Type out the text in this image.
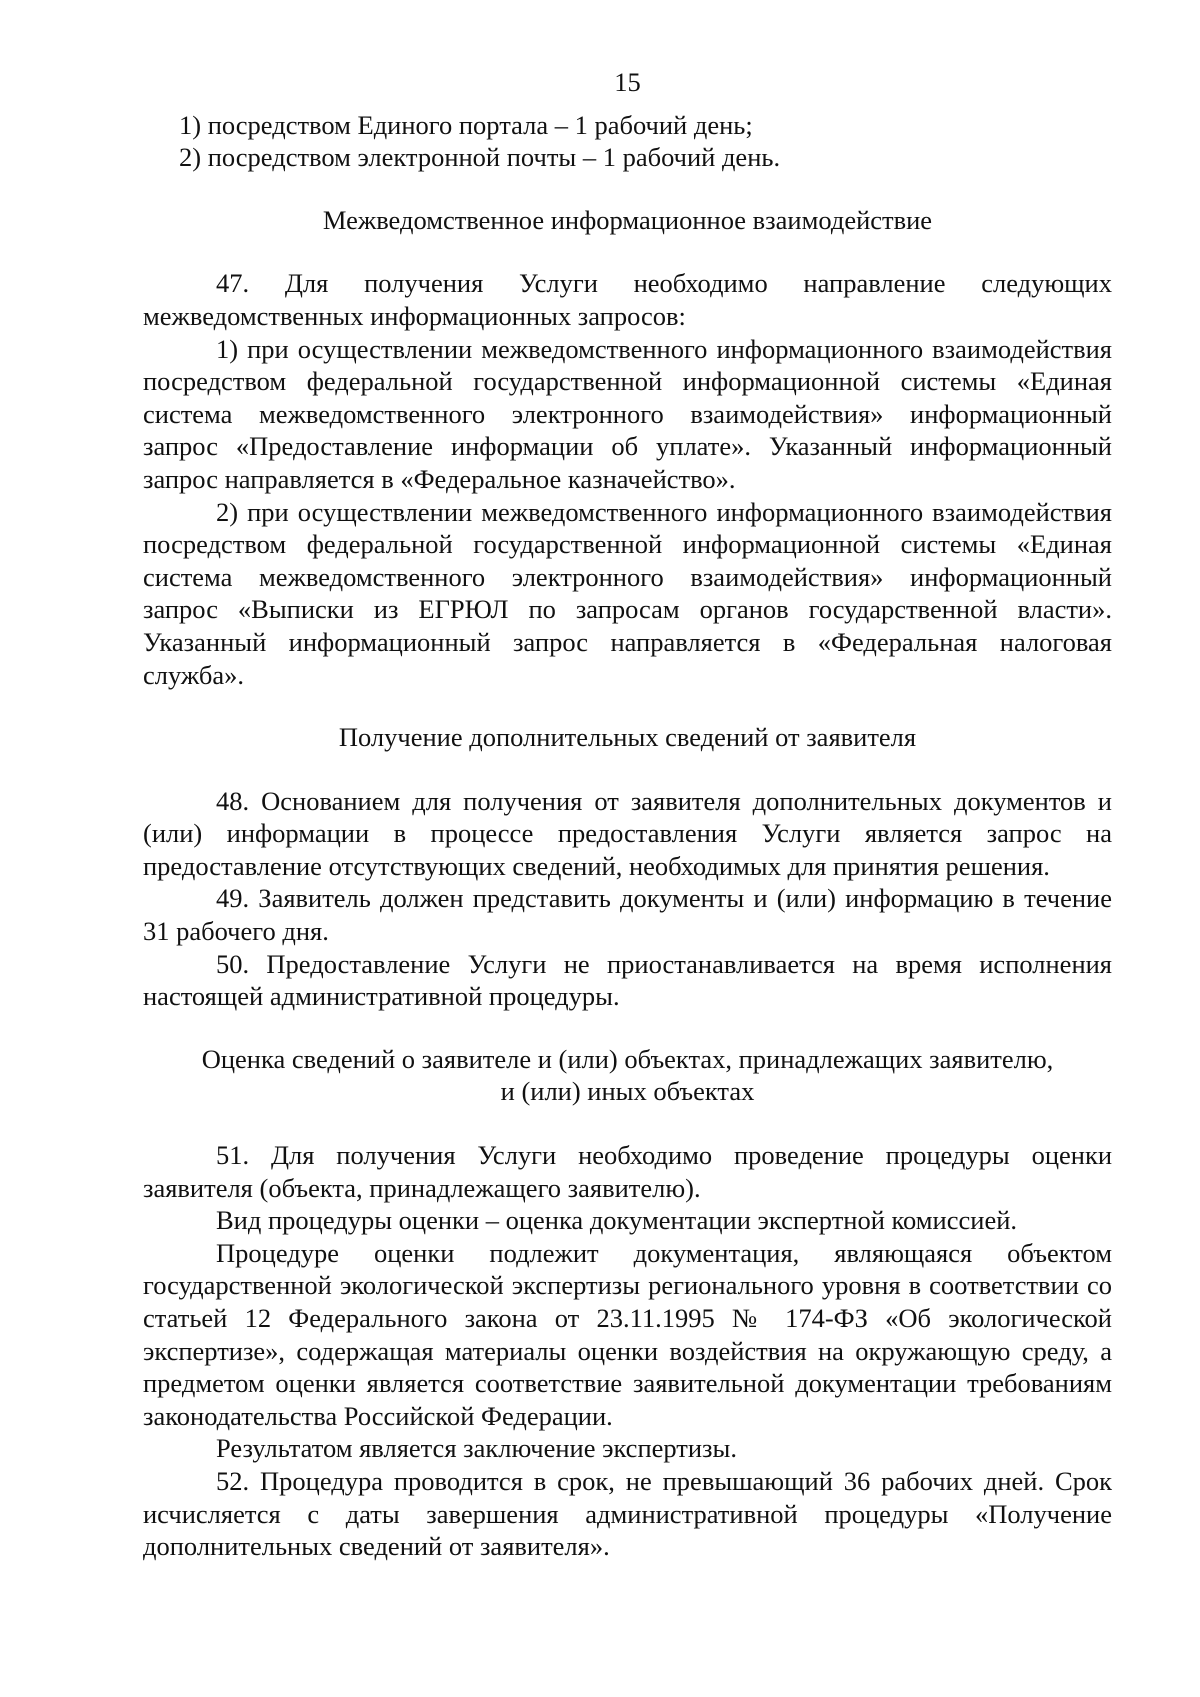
15

1) посредством Единого портала – 1 рабочий день;

2) посредством электронной почты – 1 рабочий день.

Межведомственное информационное взаимодействие

47. Для получения Услуги необходимо направление следующих межведомственных информационных запросов:

1) при осуществлении межведомственного информационного взаимодействия посредством федеральной государственной информационной системы «Единая система межведомственного электронного взаимодействия» информационный запрос «Предоставление информации об уплате». Указанный информационный запрос направляется в «Федеральное казначейство».

2) при осуществлении межведомственного информационного взаимодействия посредством федеральной государственной информационной системы «Единая система межведомственного электронного взаимодействия» информационный запрос «Выписки из ЕГРЮЛ по запросам органов государственной власти». Указанный информационный запрос направляется в «Федеральная налоговая служба».

Получение дополнительных сведений от заявителя

48. Основанием для получения от заявителя дополнительных документов и (или) информации в процессе предоставления Услуги является запрос на предоставление отсутствующих сведений, необходимых для принятия решения.

49. Заявитель должен представить документы и (или) информацию в течение 31 рабочего дня.

50. Предоставление Услуги не приостанавливается на время исполнения настоящей административной процедуры.

Оценка сведений о заявителе и (или) объектах, принадлежащих заявителю,
и (или) иных объектах

51. Для получения Услуги необходимо проведение процедуры оценки заявителя (объекта, принадлежащего заявителю).

Вид процедуры оценки – оценка документации экспертной комиссией.

Процедуре оценки подлежит документация, являющаяся объектом государственной экологической экспертизы регионального уровня в соответствии со статьей 12 Федерального закона от 23.11.1995 № 174-ФЗ «Об экологической экспертизе», содержащая материалы оценки воздействия на окружающую среду, а предметом оценки является соответствие заявительной документации требованиям законодательства Российской Федерации.

Результатом является заключение экспертизы.

52. Процедура проводится в срок, не превышающий 36 рабочих дней. Срок исчисляется с даты завершения административной процедуры «Получение дополнительных сведений от заявителя».
